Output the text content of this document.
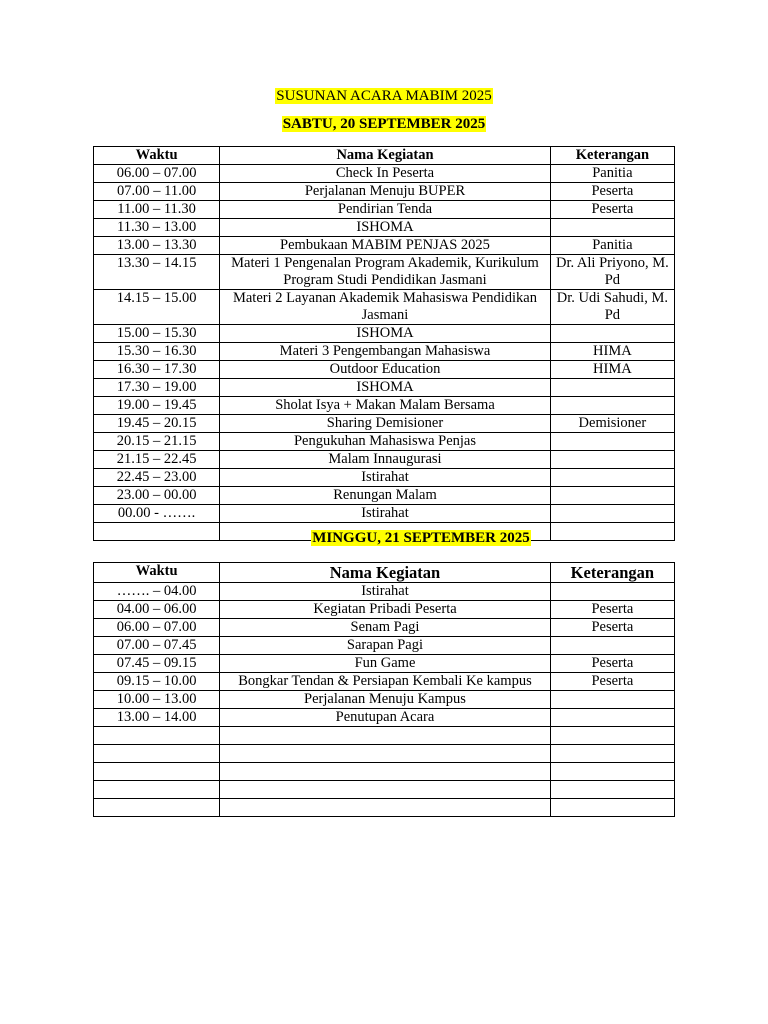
SUSUNAN ACARA MABIM 2025
SABTU, 20 SEPTEMBER 2025
Waktu	Nama Kegiatan	Keterangan
06.00 – 07.00	Check In Peserta	Panitia
07.00 – 11.00	Perjalanan Menuju BUPER	Peserta
11.00 – 11.30	Pendirian Tenda	Peserta
11.30 – 13.00	ISHOMA	
13.00 – 13.30	Pembukaan MABIM PENJAS 2025	Panitia
13.30 – 14.15	Materi 1 Pengenalan Program Akademik, Kurikulum Program Studi Pendidikan Jasmani	Dr. Ali Priyono, M. Pd
14.15 – 15.00	Materi 2 Layanan Akademik Mahasiswa Pendidikan Jasmani	Dr. Udi Sahudi, M. Pd
15.00 – 15.30	ISHOMA	
15.30 – 16.30	Materi 3 Pengembangan Mahasiswa	HIMA
16.30 – 17.30	Outdoor Education	HIMA
17.30 – 19.00	ISHOMA	
19.00 – 19.45	Sholat Isya + Makan Malam Bersama	
19.45 – 20.15	Sharing Demisioner	Demisioner
20.15 – 21.15	Pengukuhan Mahasiswa Penjas	
21.15 – 22.45	Malam Innaugurasi	
22.45 – 23.00	Istirahat	
23.00 – 00.00	Renungan Malam	
00.00 - …….	Istirahat	

MINGGU, 21 SEPTEMBER 2025
Waktu	Nama Kegiatan	Keterangan
……. – 04.00	Istirahat	
04.00 – 06.00	Kegiatan Pribadi Peserta	Peserta
06.00 – 07.00	Senam Pagi	Peserta
07.00 – 07.45	Sarapan Pagi	
07.45 – 09.15	Fun Game	Peserta
09.15 – 10.00	Bongkar Tendan & Persiapan Kembali Ke kampus	Peserta
10.00 – 13.00	Perjalanan Menuju Kampus	
13.00 – 14.00	Penutupan Acara	
